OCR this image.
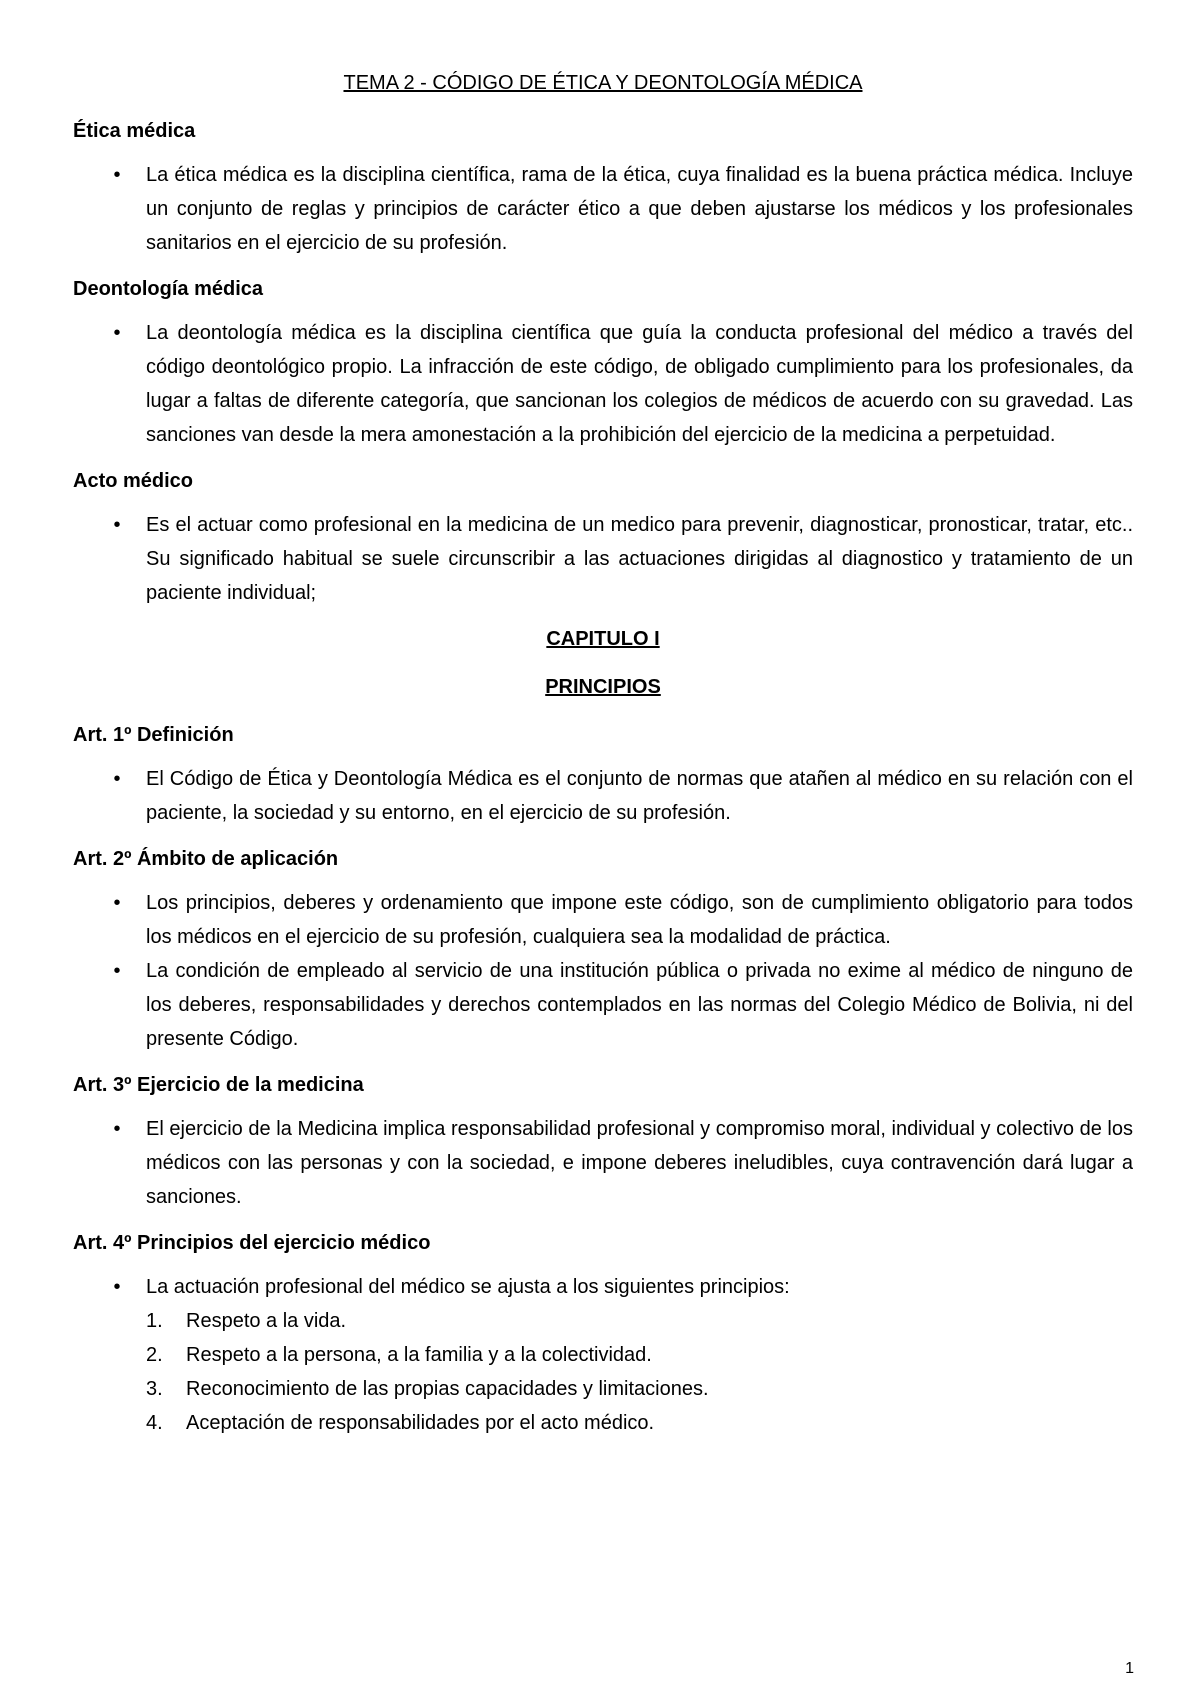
TEMA 2 - CÓDIGO DE ÉTICA Y DEONTOLOGÍA MÉDICA
Ética médica
•	La ética médica es la disciplina científica, rama de la ética, cuya finalidad es la buena práctica médica. Incluye un conjunto de reglas y principios de carácter ético a que deben ajustarse los médicos y los profesionales sanitarios en el ejercicio de su profesión.
Deontología médica
•	La deontología médica es la disciplina científica que guía la conducta profesional del médico a través del código deontológico propio. La infracción de este código, de obligado cumplimiento para los profesionales, da lugar a faltas de diferente categoría, que sancionan los colegios de médicos de acuerdo con su gravedad. Las sanciones van desde la mera amonestación a la prohibición del ejercicio de la medicina a perpetuidad.
Acto médico
•	Es el actuar como profesional en la medicina de un medico para prevenir, diagnosticar, pronosticar, tratar, etc.. Su significado habitual se suele circunscribir a las actuaciones dirigidas al diagnostico y tratamiento de un paciente individual;
CAPITULO I
PRINCIPIOS
Art. 1º Definición
•	El Código de Ética y Deontología Médica es el conjunto de normas que atañen al médico en su relación con el paciente, la sociedad y su entorno, en el ejercicio de su profesión.
Art. 2º Ámbito de aplicación
•	Los principios, deberes y ordenamiento que impone este código, son de cumplimiento obligatorio para todos los médicos en el ejercicio de su profesión, cualquiera sea la modalidad de práctica.
•	La condición de empleado al servicio de una institución pública o privada no exime al médico de ninguno de los deberes, responsabilidades y derechos contemplados en las normas del Colegio Médico de Bolivia, ni del presente Código.
Art. 3º Ejercicio de la medicina
•	El ejercicio de la Medicina implica responsabilidad profesional y compromiso moral, individual y colectivo de los médicos con las personas y con la sociedad, e impone deberes ineludibles, cuya contravención dará lugar a sanciones.
Art. 4º Principios del ejercicio médico
•	La actuación profesional del médico se ajusta a los siguientes principios:
1. Respeto a la vida.
2. Respeto a la persona, a la familia y a la colectividad.
3. Reconocimiento de las propias capacidades y limitaciones.
4. Aceptación de responsabilidades por el acto médico.
1
